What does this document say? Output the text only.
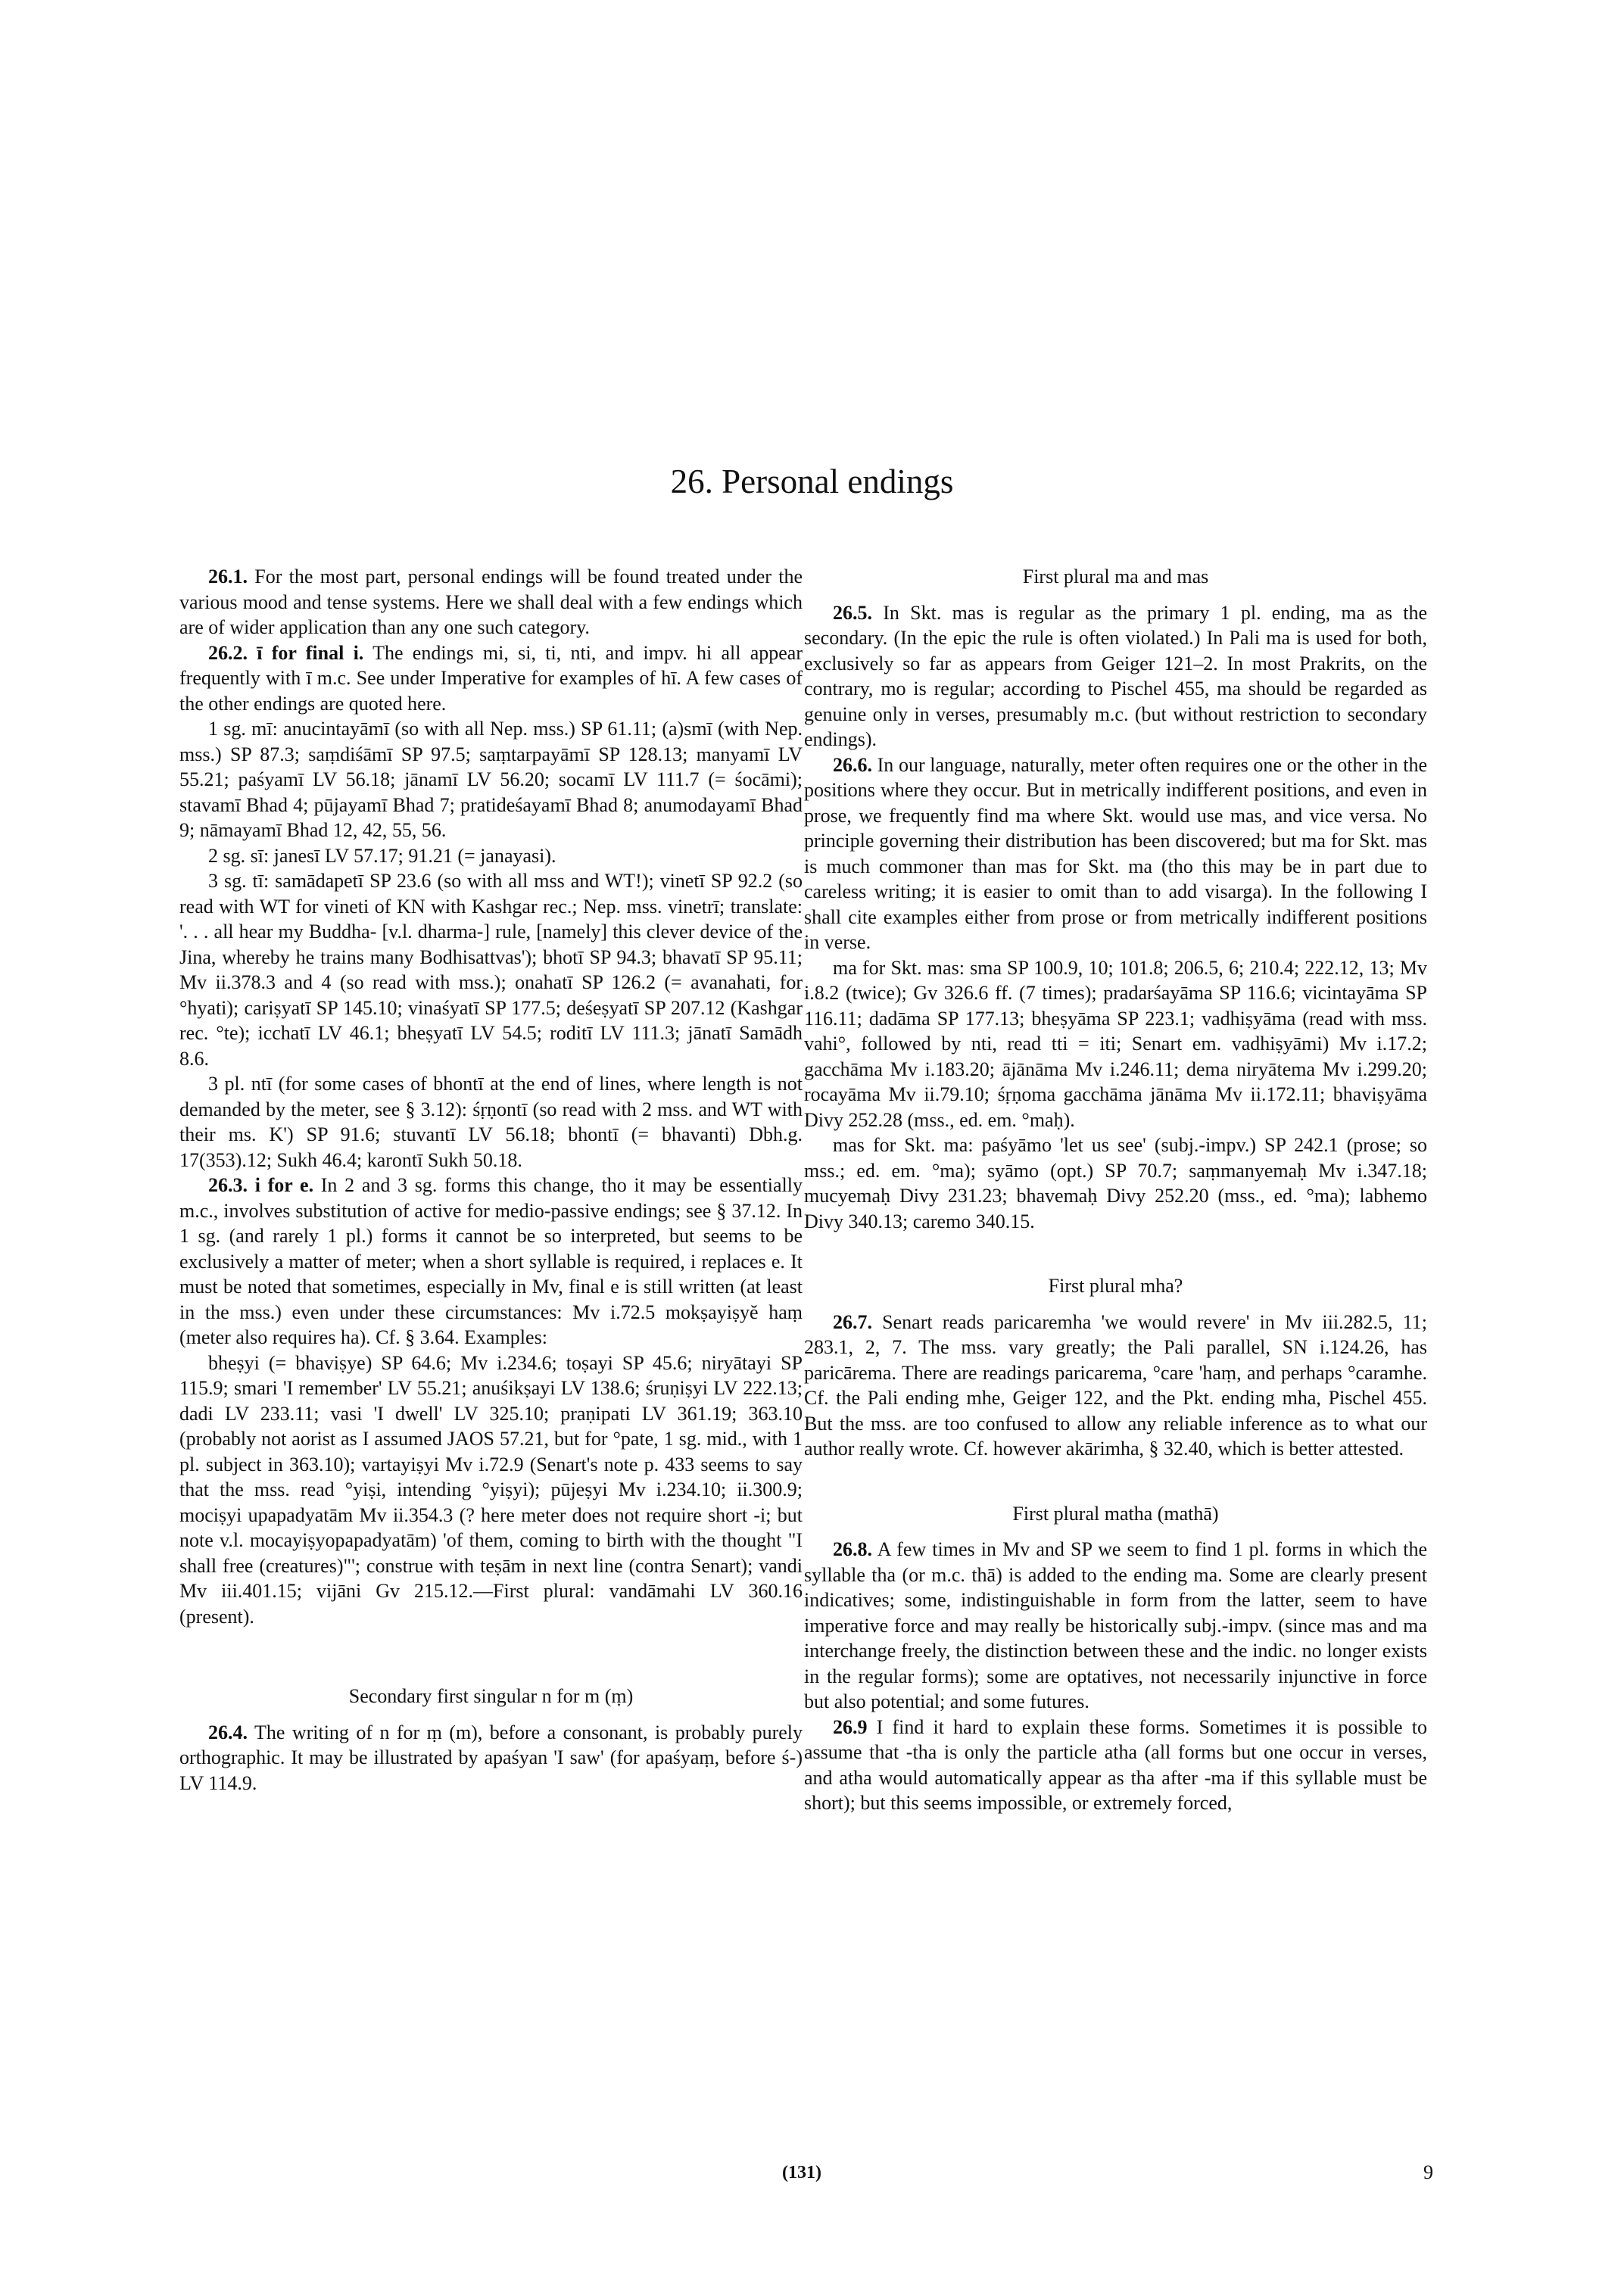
26. Personal endings

26.1. For the most part, personal endings will be found treated under the various mood and tense systems. Here we shall deal with a few endings which are of wider application than any one such category.

26.2. ī for final i. The endings mi, si, ti, nti, and impv. hi all appear frequently with ī m.c. See under Imperative for examples of hī. A few cases of the other endings are quoted here.

1 sg. mī: anucintayāmī (so with all Nep. mss.) SP 61.11; (a)smī (with Nep. mss.) SP 87.3; saṃdiśāmī SP 97.5; saṃtarpayāmī SP 128.13; manyamī LV 55.21; paśyamī LV 56.18; jānamī LV 56.20; socamī LV 111.7 (= śocāmi); stavamī Bhad 4; pūjayamī Bhad 7; pratideśayamī Bhad 8; anumodayamī Bhad 9; nāmayamī Bhad 12, 42, 55, 56.

2 sg. sī: janesī LV 57.17; 91.21 (= janayasi).

3 sg. tī: samādapetī SP 23.6 (so with all mss and WT!); vinetī SP 92.2 (so read with WT for vineti of KN with Kashgar rec.; Nep. mss. vinetrī; translate: '. . . all hear my Buddha- [v.l. dharma-] rule, [namely] this clever device of the Jina, whereby he trains many Bodhisattvas'); bhotī SP 94.3; bhavatī SP 95.11; Mv ii.378.3 and 4 (so read with mss.); onahatī SP 126.2 (= avanahati, for °hyati); cariṣyatī SP 145.10; vinaśyatī SP 177.5; deśeṣyatī SP 207.12 (Kashgar rec. °te); icchatī LV 46.1; bheṣyatī LV 54.5; roditī LV 111.3; jānatī Samādh 8.6.

3 pl. ntī (for some cases of bhontī at the end of lines, where length is not demanded by the meter, see § 3.12): śṛṇontī (so read with 2 mss. and WT with their ms. K') SP 91.6; stuvantī LV 56.18; bhontī (= bhavanti) Dbh.g. 17(353).12; Sukh 46.4; karontī Sukh 50.18.

26.3. i for e. In 2 and 3 sg. forms this change, tho it may be essentially m.c., involves substitution of active for medio-passive endings; see § 37.12. In 1 sg. (and rarely 1 pl.) forms it cannot be so interpreted, but seems to be exclusively a matter of meter; when a short syllable is required, i replaces e. It must be noted that sometimes, especially in Mv, final e is still written (at least in the mss.) even under these circumstances: Mv i.72.5 mokṣayiṣyĕ haṃ (meter also requires ha). Cf. § 3.64. Examples:

bheṣyi (= bhaviṣye) SP 64.6; Mv i.234.6; toṣayi SP 45.6; niryātayi SP 115.9; smari 'I remember' LV 55.21; anuśikṣayi LV 138.6; śruṇiṣyi LV 222.13; dadi LV 233.11; vasi 'I dwell' LV 325.10; praṇipati LV 361.19; 363.10 (probably not aorist as I assumed JAOS 57.21, but for °pate, 1 sg. mid., with 1 pl. subject in 363.10); vartayiṣyi Mv i.72.9 (Senart's note p. 433 seems to say that the mss. read °yiṣi, intending °yiṣyi); pūjeṣyi Mv i.234.10; ii.300.9; mociṣyi upapadyatām Mv ii.354.3 (? here meter does not require short -i; but note v.l. mocayiṣyopapadyatām) 'of them, coming to birth with the thought "I shall free (creatures)"'; construe with teṣām in next line (contra Senart); vandi Mv iii.401.15; vijāni Gv 215.12.—First plural: vandāmahi LV 360.16 (present).

Secondary first singular n for m (ṃ)

26.4. The writing of n for ṃ (m), before a consonant, is probably purely orthographic. It may be illustrated by apaśyan 'I saw' (for apaśyaṃ, before ś-) LV 114.9.

First plural ma and mas

26.5. In Skt. mas is regular as the primary 1 pl. ending, ma as the secondary. (In the epic the rule is often violated.) In Pali ma is used for both, exclusively so far as appears from Geiger 121–2. In most Prakrits, on the contrary, mo is regular; according to Pischel 455, ma should be regarded as genuine only in verses, presumably m.c. (but without restriction to secondary endings).

26.6. In our language, naturally, meter often requires one or the other in the positions where they occur. But in metrically indifferent positions, and even in prose, we frequently find ma where Skt. would use mas, and vice versa. No principle governing their distribution has been discovered; but ma for Skt. mas is much commoner than mas for Skt. ma (tho this may be in part due to careless writing; it is easier to omit than to add visarga). In the following I shall cite examples either from prose or from metrically indifferent positions in verse.

ma for Skt. mas: sma SP 100.9, 10; 101.8; 206.5, 6; 210.4; 222.12, 13; Mv i.8.2 (twice); Gv 326.6 ff. (7 times); pradarśayāma SP 116.6; vicintayāma SP 116.11; dadāma SP 177.13; bheṣyāma SP 223.1; vadhiṣyāma (read with mss. vahi°, followed by nti, read tti = iti; Senart em. vadhiṣyāmi) Mv i.17.2; gacchāma Mv i.183.20; ājānāma Mv i.246.11; dema niryātema Mv i.299.20; rocayāma Mv ii.79.10; śṛṇoma gacchāma jānāma Mv ii.172.11; bhaviṣyāma Divy 252.28 (mss., ed. em. °maḥ).

mas for Skt. ma: paśyāmo 'let us see' (subj.-impv.) SP 242.1 (prose; so mss.; ed. em. °ma); syāmo (opt.) SP 70.7; saṃmanyemaḥ Mv i.347.18; mucyemaḥ Divy 231.23; bhavemaḥ Divy 252.20 (mss., ed. °ma); labhemo Divy 340.13; caremo 340.15.

First plural mha?

26.7. Senart reads paricaremha 'we would revere' in Mv iii.282.5, 11; 283.1, 2, 7. The mss. vary greatly; the Pali parallel, SN i.124.26, has paricārema. There are readings paricarema, °care 'haṃ, and perhaps °caramhe. Cf. the Pali ending mhe, Geiger 122, and the Pkt. ending mha, Pischel 455. But the mss. are too confused to allow any reliable inference as to what our author really wrote. Cf. however akārimha, § 32.40, which is better attested.

First plural matha (mathā)

26.8. A few times in Mv and SP we seem to find 1 pl. forms in which the syllable tha (or m.c. thā) is added to the ending ma. Some are clearly present indicatives; some, indistinguishable in form from the latter, seem to have imperative force and may really be historically subj.-impv. (since mas and ma interchange freely, the distinction between these and the indic. no longer exists in the regular forms); some are optatives, not necessarily injunctive in force but also potential; and some futures.

26.9 I find it hard to explain these forms. Sometimes it is possible to assume that -tha is only the particle atha (all forms but one occur in verses, and atha would automatically appear as tha after -ma if this syllable must be short); but this seems impossible, or extremely forced,

(131)	9
